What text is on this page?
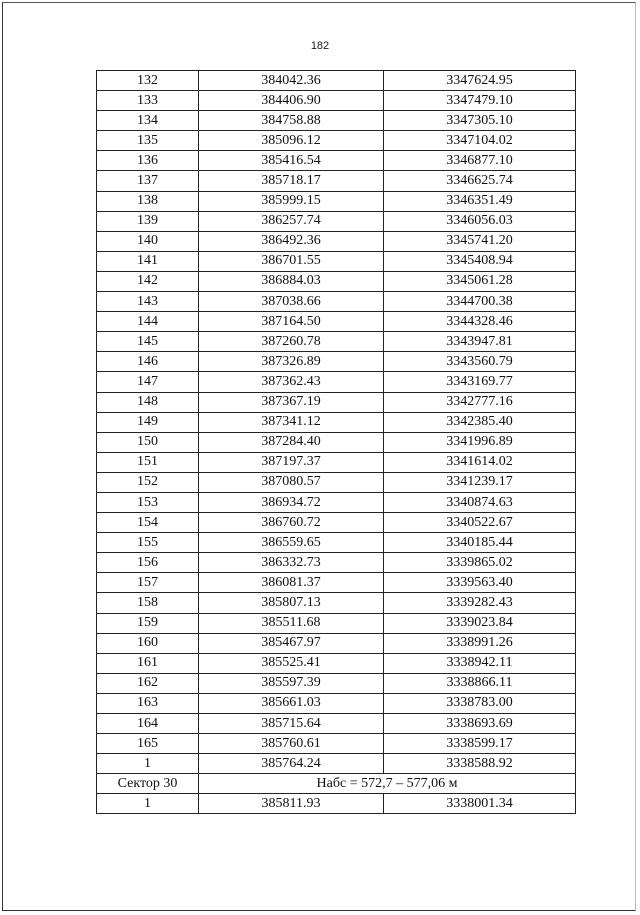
182
132	384042.36	3347624.95
133	384406.90	3347479.10
134	384758.88	3347305.10
135	385096.12	3347104.02
136	385416.54	3346877.10
137	385718.17	3346625.74
138	385999.15	3346351.49
139	386257.74	3346056.03
140	386492.36	3345741.20
141	386701.55	3345408.94
142	386884.03	3345061.28
143	387038.66	3344700.38
144	387164.50	3344328.46
145	387260.78	3343947.81
146	387326.89	3343560.79
147	387362.43	3343169.77
148	387367.19	3342777.16
149	387341.12	3342385.40
150	387284.40	3341996.89
151	387197.37	3341614.02
152	387080.57	3341239.17
153	386934.72	3340874.63
154	386760.72	3340522.67
155	386559.65	3340185.44
156	386332.73	3339865.02
157	386081.37	3339563.40
158	385807.13	3339282.43
159	385511.68	3339023.84
160	385467.97	3338991.26
161	385525.41	3338942.11
162	385597.39	3338866.11
163	385661.03	3338783.00
164	385715.64	3338693.69
165	385760.61	3338599.17
1	385764.24	3338588.92
Сектор 30	Набс = 572,7 – 577,06 м	
1	385811.93	3338001.34
